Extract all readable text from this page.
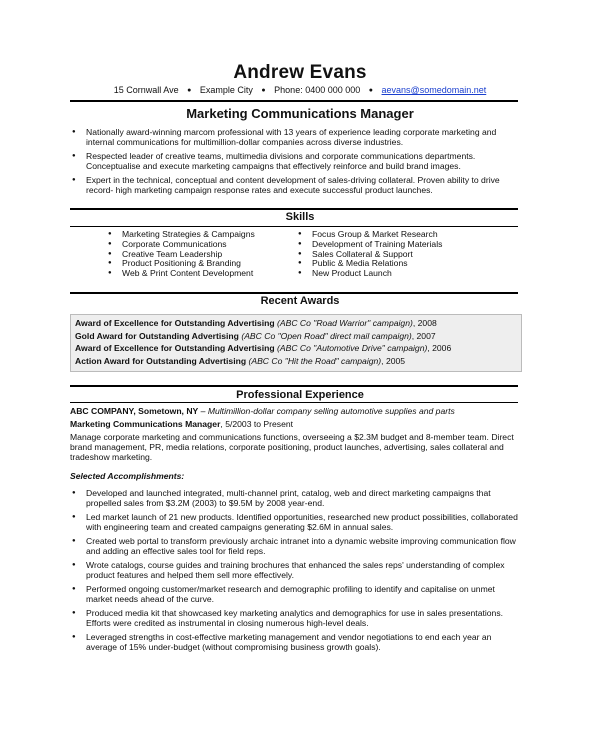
Andrew Evans
15 Cornwall Ave ● Example City ● Phone: 0400 000 000 ● aevans@somedomain.net
Marketing Communications Manager
● Nationally award-winning marcom professional with 13 years of experience leading corporate marketing and internal communications for multimillion-dollar companies across diverse industries.
● Respected leader of creative teams, multimedia divisions and corporate communications departments. Conceptualise and execute marketing campaigns that effectively reinforce and build brand images.
● Expert in the technical, conceptual and content development of sales-driving collateral. Proven ability to drive record- high marketing campaign response rates and execute successful product launches.
Skills
● Marketing Strategies & Campaigns
● Corporate Communications
● Creative Team Leadership
● Product Positioning & Branding
● Web & Print Content Development
● Focus Group & Market Research
● Development of Training Materials
● Sales Collateral & Support
● Public & Media Relations
● New Product Launch
Recent Awards
Award of Excellence for Outstanding Advertising (ABC Co "Road Warrior" campaign), 2008
Gold Award for Outstanding Advertising (ABC Co "Open Road" direct mail campaign), 2007
Award of Excellence for Outstanding Advertising (ABC Co "Automotive Drive" campaign), 2006
Action Award for Outstanding Advertising (ABC Co "Hit the Road" campaign), 2005
Professional Experience
ABC COMPANY, Sometown, NY – Multimillion-dollar company selling automotive supplies and parts
Marketing Communications Manager, 5/2003 to Present
Manage corporate marketing and communications functions, overseeing a $2.3M budget and 8-member team. Direct brand management, PR, media relations, corporate positioning, product launches, advertising, sales collateral and tradeshow marketing.
Selected Accomplishments:
● Developed and launched integrated, multi-channel print, catalog, web and direct marketing campaigns that propelled sales from $3.2M (2003) to $9.5M by 2008 year-end.
● Led market launch of 21 new products. Identified opportunities, researched new product possibilities, collaborated with engineering team and created campaigns generating $2.6M in annual sales.
● Created web portal to transform previously archaic intranet into a dynamic website improving communication flow and adding an effective sales tool for field reps.
● Wrote catalogs, course guides and training brochures that enhanced the sales reps' understanding of complex product features and helped them sell more effectively.
● Performed ongoing customer/market research and demographic profiling to identify and capitalise on unmet market needs ahead of the curve.
● Produced media kit that showcased key marketing analytics and demographics for use in sales presentations. Efforts were credited as instrumental in closing numerous high-level deals.
● Leveraged strengths in cost-effective marketing management and vendor negotiations to end each year an average of 15% under-budget (without compromising business growth goals).
